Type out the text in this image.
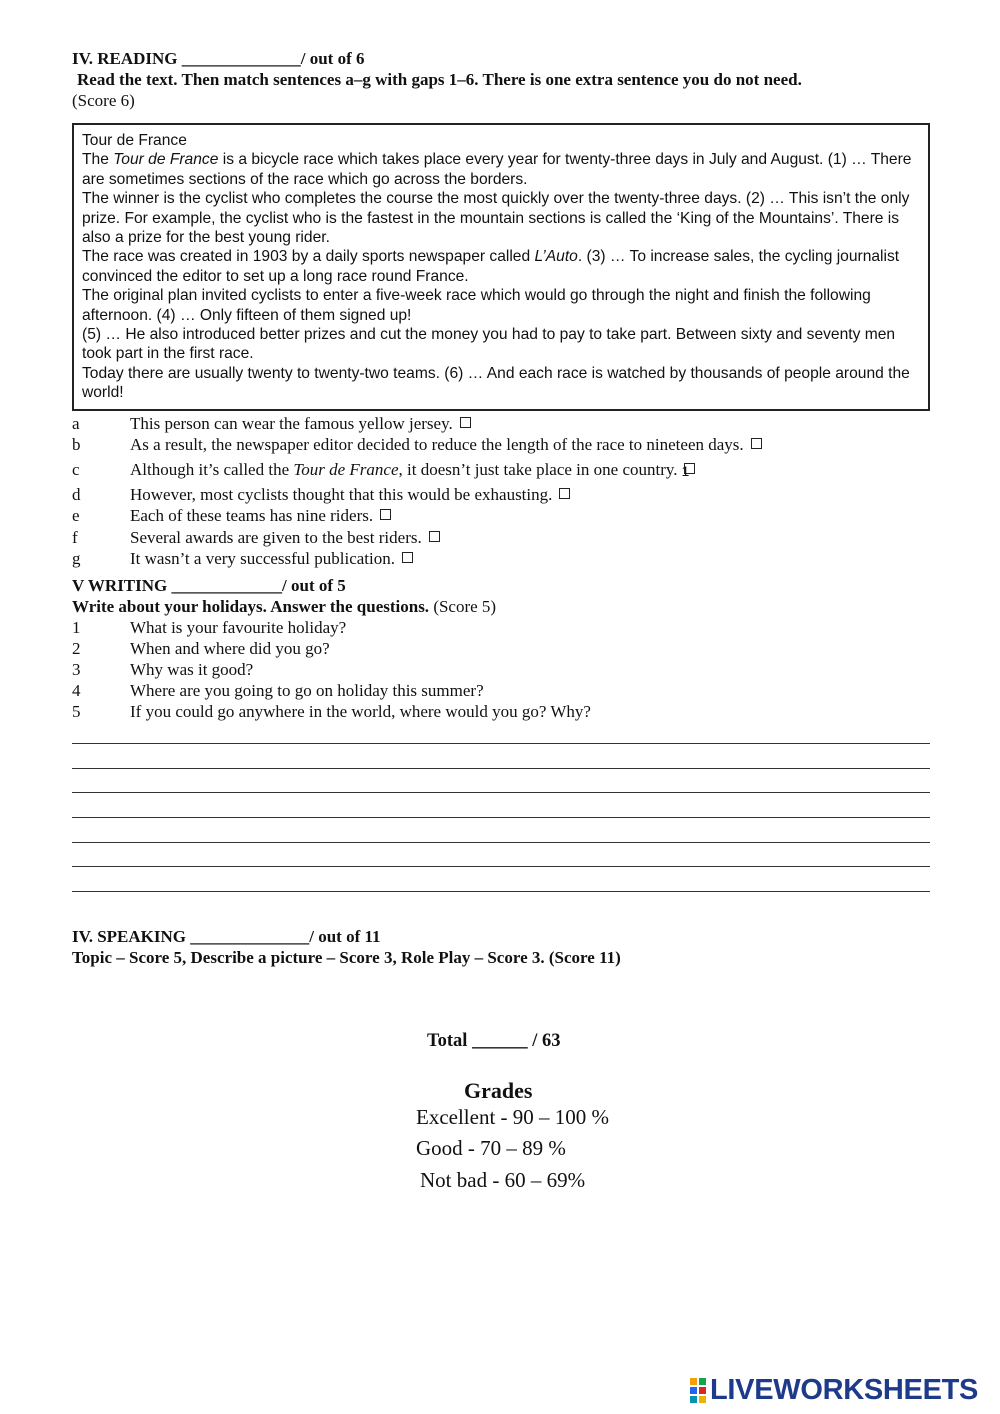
IV. READING ______________/ out of 6
Read the text. Then match sentences a–g with gaps 1–6. There is one extra sentence you do not need.
(Score 6)

Tour de France

The Tour de France is a bicycle race which takes place every year for twenty-three days in July and August. (1) … There are sometimes sections of the race which go across the borders.

The winner is the cyclist who completes the course the most quickly over the twenty-three days. (2) … This isn’t the only prize. For example, the cyclist who is the fastest in the mountain sections is called the ‘King of the Mountains’. There is also a prize for the best young rider.

The race was created in 1903 by a daily sports newspaper called L’Auto. (3) … To increase sales, the cycling journalist convinced the editor to set up a long race round France.

The original plan invited cyclists to enter a five-week race which would go through the night and finish the following afternoon. (4) … Only fifteen of them signed up!

(5) … He also introduced better prizes and cut the money you had to pay to take part. Between sixty and seventy men took part in the first race.

Today there are usually twenty to twenty-two teams. (6) … And each race is watched by thousands of people around the world!

a	This person can wear the famous yellow jersey.
b	As a result, the newspaper editor decided to reduce the length of the race to nineteen days.
c	Although it’s called the Tour de France, it doesn’t just take place in one country. 1
d	However, most cyclists thought that this would be exhausting.
e	Each of these teams has nine riders.
f	Several awards are given to the best riders.
g	It wasn’t a very successful publication.
V WRITING _____________/ out of 5
Write about your holidays. Answer the questions. (Score 5)
1	What is your favourite holiday?
2	When and where did you go?
3	Why was it good?
4	Where are you going to go on holiday this summer?
5	If you could go anywhere in the world, where would you go? Why?
IV. SPEAKING ______________/ out of 11
Topic – Score 5, Describe a picture – Score 3, Role Play – Score 3. (Score 11)
Total ______ / 63
Grades
Excellent - 90 – 100 %
Good - 70 – 89 %
Not bad - 60 – 69%
LIVEWORKSHEETS
